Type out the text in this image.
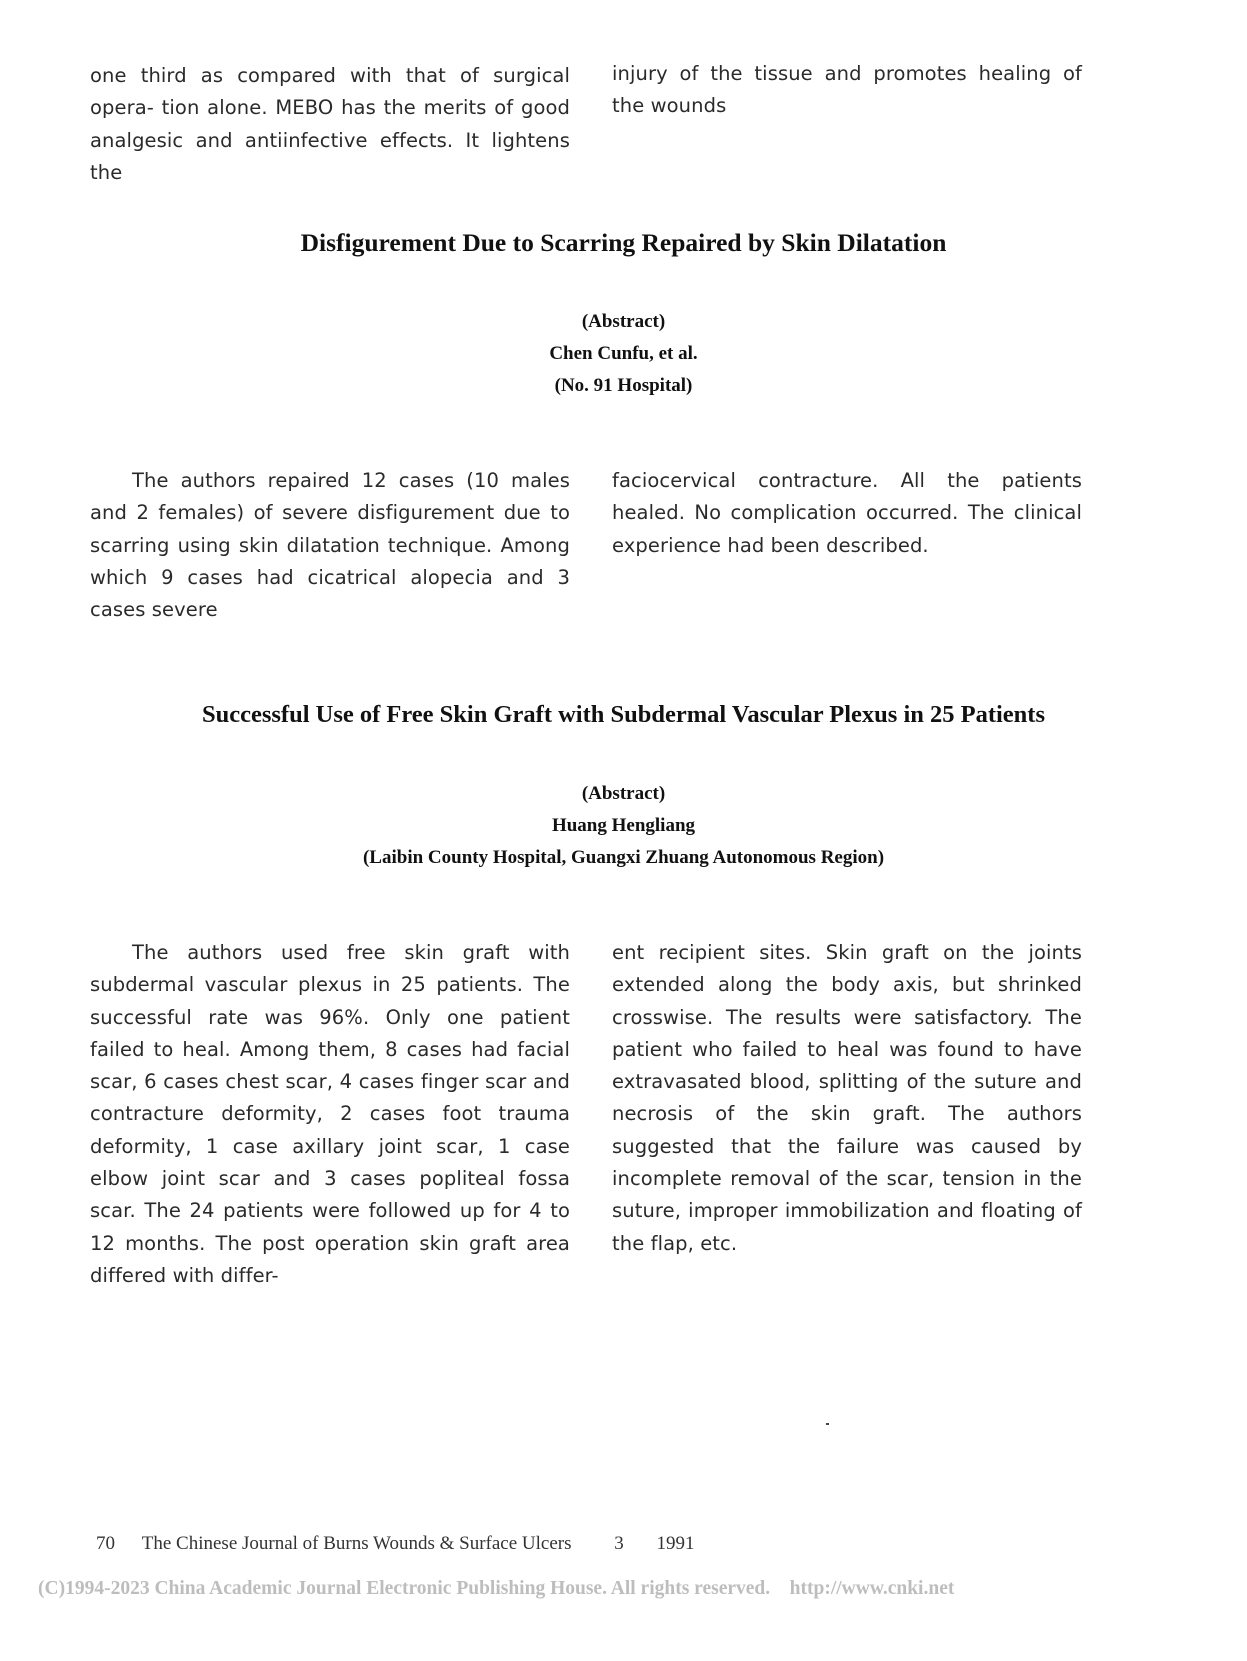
one third as compared with that of surgical opera- tion alone. MEBO has the merits of good analgesic and antiinfective effects. It lightens the

injury of the tissue and promotes healing of the wounds

Disfigurement Due to Scarring Repaired by Skin Dilatation
(Abstract)
Chen Cunfu, et al.
(No. 91 Hospital)

The authors repaired 12 cases (10 males and 2 females) of severe disfigurement due to scarring using skin dilatation technique. Among which 9 cases had cicatrical alopecia and 3 cases severe

faciocervical contracture. All the patients healed. No complication occurred. The clinical experience had been described.

Successful Use of Free Skin Graft with Subdermal Vascular Plexus in 25 Patients
(Abstract)
Huang Hengliang
(Laibin County Hospital, Guangxi Zhuang Autonomous Region)

The authors used free skin graft with subdermal vascular plexus in 25 patients. The successful rate was 96%. Only one patient failed to heal. Among them, 8 cases had facial scar, 6 cases chest scar, 4 cases finger scar and contracture deformity, 2 cases foot trauma deformity, 1 case axillary joint scar, 1 case elbow joint scar and 3 cases popliteal fossa scar. The 24 patients were followed up for 4 to 12 months. The post operation skin graft area differed with differ-

ent recipient sites. Skin graft on the joints extended along the body axis, but shrinked crosswise. The results were satisfactory. The patient who failed to heal was found to have extravasated blood, splitting of the suture and necrosis of the skin graft. The authors suggested that the failure was caused by incomplete removal of the scar, tension in the suture, improper immobilization and floating of the flap, etc.

70 The Chinese Journal of Burns Wounds & Surface Ulcers 3 1991
(C)1994-2023 China Academic Journal Electronic Publishing House. All rights reserved.    http://www.cnki.net
